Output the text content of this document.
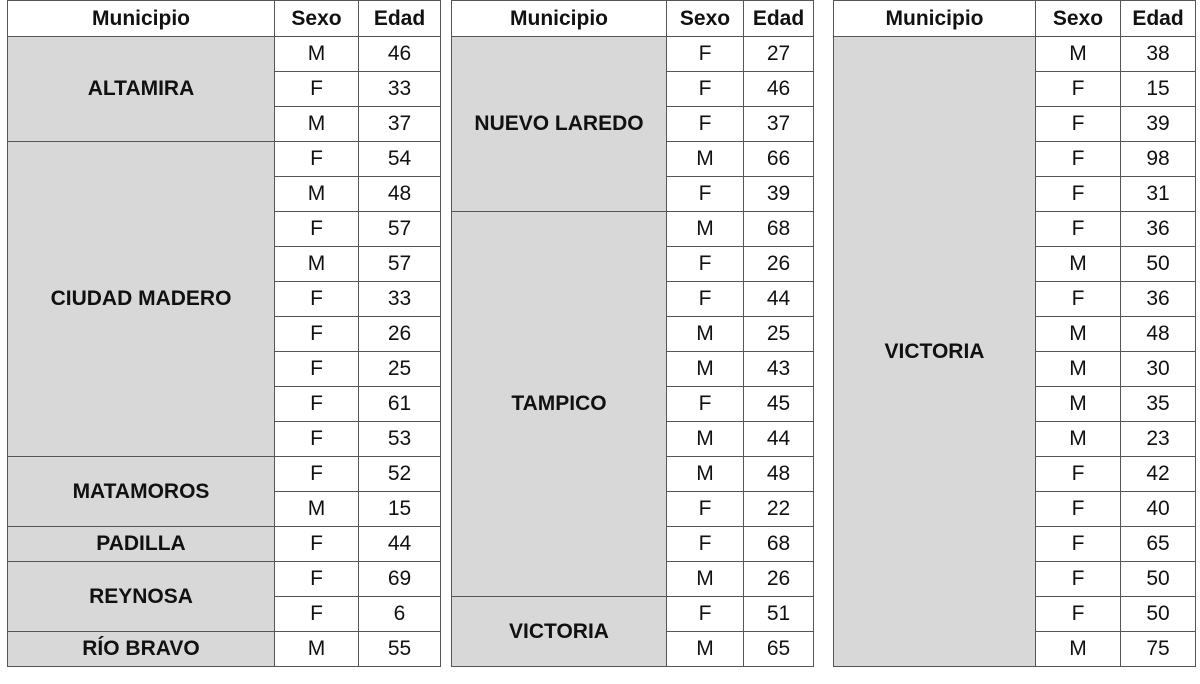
Municipio	Sexo	Edad
ALTAMIRA	M	46
	F	33
	M	37
CIUDAD MADERO	F	54
	M	48
	F	57
	M	57
	F	33
	F	26
	F	25
	F	61
	F	53
MATAMOROS	F	52
	M	15
PADILLA	F	44
REYNOSA	F	69
	F	6
RÍO BRAVO	M	55
Municipio	Sexo	Edad
NUEVO LAREDO	F	27
	F	46
	F	37
	M	66
	F	39
TAMPICO	M	68
	F	26
	F	44
	M	25
	M	43
	F	45
	M	44
	M	48
	F	22
	F	68
	M	26
VICTORIA	F	51
	M	65
Municipio	Sexo	Edad
VICTORIA	M	38
	F	15
	F	39
	F	98
	F	31
	F	36
	M	50
	F	36
	M	48
	M	30
	M	35
	M	23
	F	42
	F	40
	F	65
	F	50
	F	50
	M	75
